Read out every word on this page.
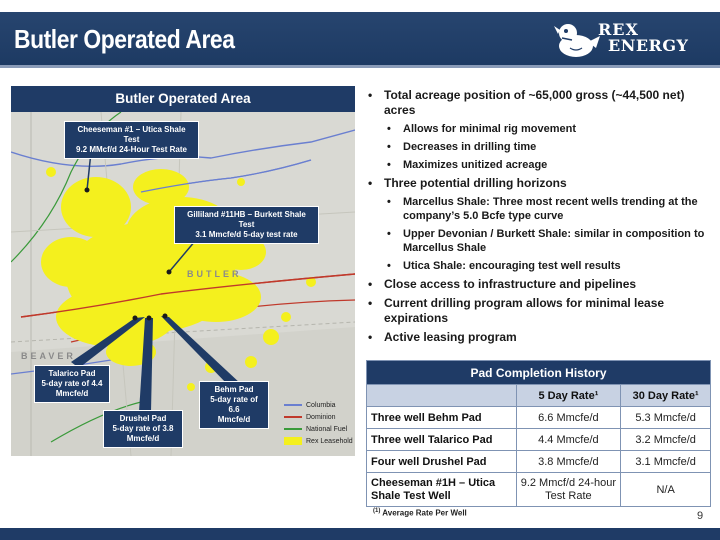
Butler Operated Area	REX
ENERGY
Butler Operated Area
BUTLER
BEAVER
Cheeseman #1 – Utica Shale Test
9.2 MMcf/d 24-Hour Test Rate
Gilliland #11HB – Burkett Shale Test
3.1 Mmcfe/d 5-day test rate
Talarico Pad
5-day rate of 4.4
Mmcfe/d
Drushel Pad
5-day rate of 3.8
Mmcfe/d
Behm Pad
5-day rate of 6.6
Mmcfe/d
Columbia
Dominion
National Fuel
Rex Leasehold
• Total acreage position of ~65,000 gross (~44,500 net) acres
• Allows for minimal rig movement
• Decreases in drilling time
• Maximizes unitized acreage
• Three potential drilling horizons
• Marcellus Shale: Three most recent wells trending at the company’s 5.0 Bcfe type curve
• Upper Devonian / Burkett Shale: similar in composition to Marcellus Shale
• Utica Shale: encouraging test well results
• Close access to infrastructure and pipelines
• Current drilling program allows for minimal lease expirations
• Active leasing program
Pad Completion History		
	5 Day Rate¹	30 Day Rate¹
Three well Behm Pad	6.6 Mmcfe/d	5.3 Mmcfe/d
Three well Talarico Pad	4.4 Mmcfe/d	3.2 Mmcfe/d
Four well Drushel Pad	3.8 Mmcfe/d	3.1 Mmcfe/d
Cheeseman #1H – Utica Shale Test Well	9.2 Mmcf/d 24-hour Test Rate	N/A
$^{(1)}$ Average Rate Per Well	9
